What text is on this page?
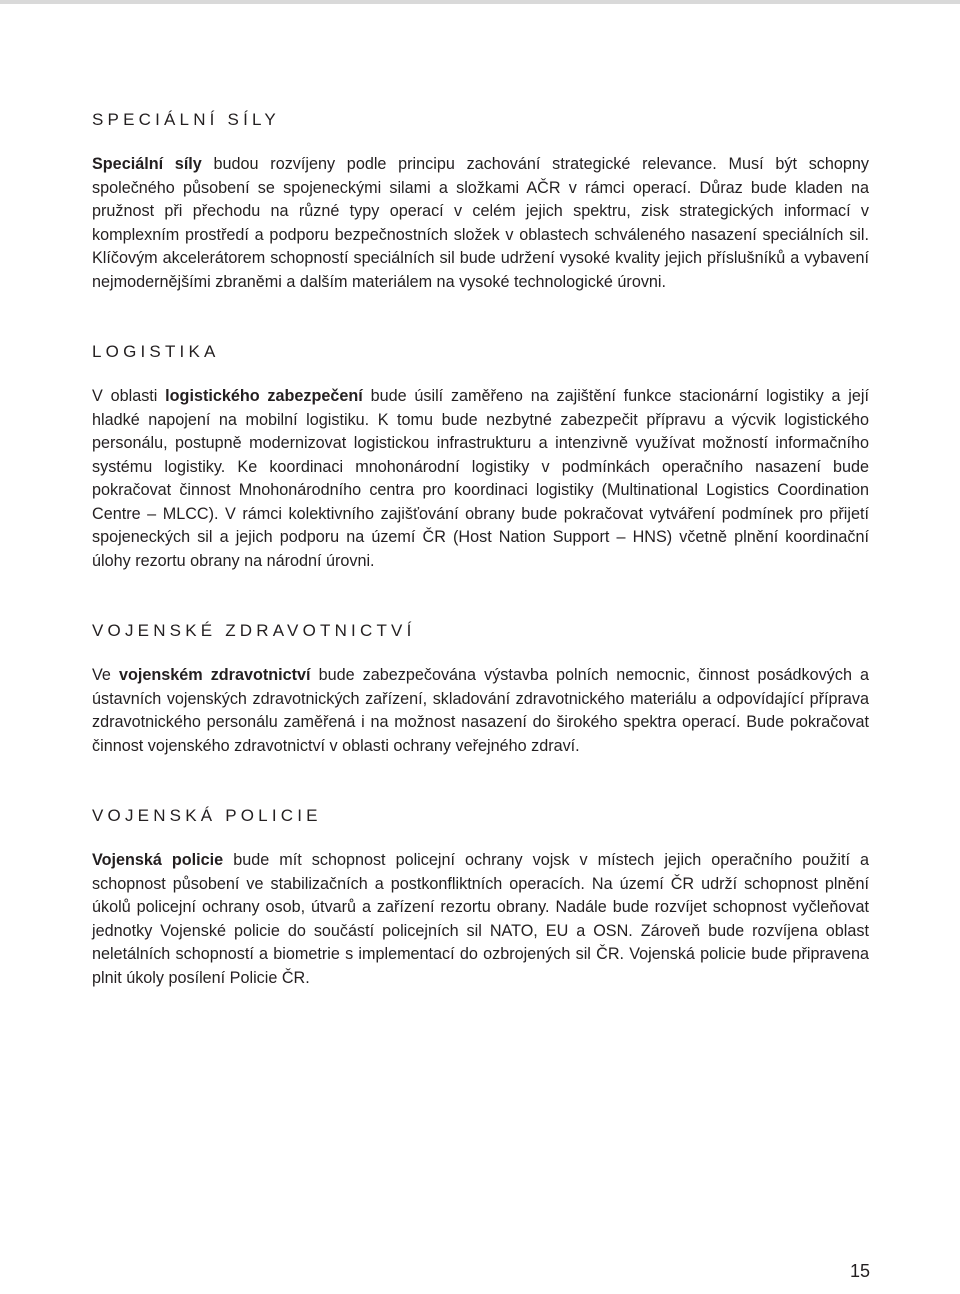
SPECIÁLNÍ SÍLY

Speciální síly budou rozvíjeny podle principu zachování strategické relevance. Musí být schopny společného působení se spojeneckými silami a složkami AČR v rámci operací. Důraz bude kladen na pružnost při přechodu na různé typy operací v celém jejich spektru, zisk strategických informací v komplexním prostředí a podporu bezpečnostních složek v oblastech schváleného nasazení speciálních sil. Klíčovým akcelerátorem schopností speciálních sil bude udržení vysoké kvality jejich příslušníků a vybavení nejmodernějšími zbraněmi a dalším materiálem na vysoké technologické úrovni.

LOGISTIKA

V oblasti logistického zabezpečení bude úsilí zaměřeno na zajištění funkce stacionární logistiky a její hladké napojení na mobilní logistiku. K tomu bude nezbytné zabezpečit přípravu a výcvik logistického personálu, postupně modernizovat logistickou infrastrukturu a intenzivně využívat možností informačního systému logistiky. Ke koordinaci mnohonárodní logistiky v podmínkách operačního nasazení bude pokračovat činnost Mnohonárodního centra pro koordinaci logistiky (Multinational Logistics Coordination Centre – MLCC). V rámci kolektivního zajišťování obrany bude pokračovat vytváření podmínek pro přijetí spojeneckých sil a jejich podporu na území ČR (Host Nation Support – HNS) včetně plnění koordinační úlohy rezortu obrany na národní úrovni.

VOJENSKÉ ZDRAVOTNICTVÍ

Ve vojenském zdravotnictví bude zabezpečována výstavba polních nemocnic, činnost posádkových a ústavních vojenských zdravotnických zařízení, skladování zdravotnického materiálu a odpovídající příprava zdravotnického personálu zaměřená i na možnost nasazení do širokého spektra operací. Bude pokračovat činnost vojenského zdravotnictví v oblasti ochrany veřejného zdraví.

VOJENSKÁ POLICIE

Vojenská policie bude mít schopnost policejní ochrany vojsk v místech jejich operačního použití a schopnost působení ve stabilizačních a postkonfliktních operacích. Na území ČR udrží schopnost plnění úkolů policejní ochrany osob, útvarů a zařízení rezortu obrany. Nadále bude rozvíjet schopnost vyčleňovat jednotky Vojenské policie do součástí policejních sil NATO, EU a OSN. Zároveň bude rozvíjena oblast neletálních schopností a biometrie s implementací do ozbrojených sil ČR. Vojenská policie bude připravena plnit úkoly posílení Policie ČR.

15
